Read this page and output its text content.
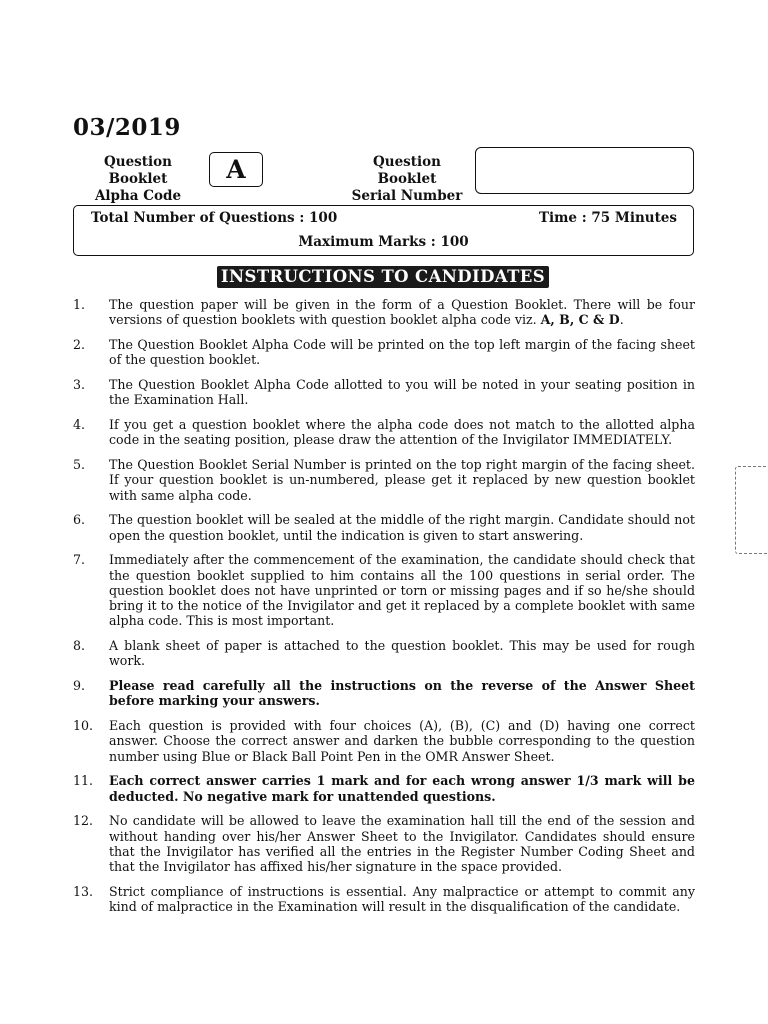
03/2019
Question Booklet
Alpha Code
A	Question Booklet
Serial Number
Total Number of Questions : 100	Time : 75 Minutes
Maximum Marks : 100
INSTRUCTIONS TO CANDIDATES
1. The question paper will be given in the form of a Question Booklet. There will be four versions of question booklets with question booklet alpha code viz. A, B, C & D.
2. The Question Booklet Alpha Code will be printed on the top left margin of the facing sheet of the question booklet.
3. The Question Booklet Alpha Code allotted to you will be noted in your seating position in the Examination Hall.
4. If you get a question booklet where the alpha code does not match to the allotted alpha code in the seating position, please draw the attention of the Invigilator IMMEDIATELY.
5. The Question Booklet Serial Number is printed on the top right margin of the facing sheet. If your question booklet is un-numbered, please get it replaced by new question booklet with same alpha code.
6. The question booklet will be sealed at the middle of the right margin. Candidate should not open the question booklet, until the indication is given to start answering.
7. Immediately after the commencement of the examination, the candidate should check that the question booklet supplied to him contains all the 100 questions in serial order. The question booklet does not have unprinted or torn or missing pages and if so he/she should bring it to the notice of the Invigilator and get it replaced by a complete booklet with same alpha code. This is most important.
8. A blank sheet of paper is attached to the question booklet. This may be used for rough work.
9. Please read carefully all the instructions on the reverse of the Answer Sheet before marking your answers.
10. Each question is provided with four choices (A), (B), (C) and (D) having one correct answer. Choose the correct answer and darken the bubble corresponding to the question number using Blue or Black Ball Point Pen in the OMR Answer Sheet.
11. Each correct answer carries 1 mark and for each wrong answer 1/3 mark will be deducted. No negative mark for unattended questions.
12. No candidate will be allowed to leave the examination hall till the end of the session and without handing over his/her Answer Sheet to the Invigilator. Candidates should ensure that the Invigilator has verified all the entries in the Register Number Coding Sheet and that the Invigilator has affixed his/her signature in the space provided.
13. Strict compliance of instructions is essential. Any malpractice or attempt to commit any kind of malpractice in the Examination will result in the disqualification of the candidate.
